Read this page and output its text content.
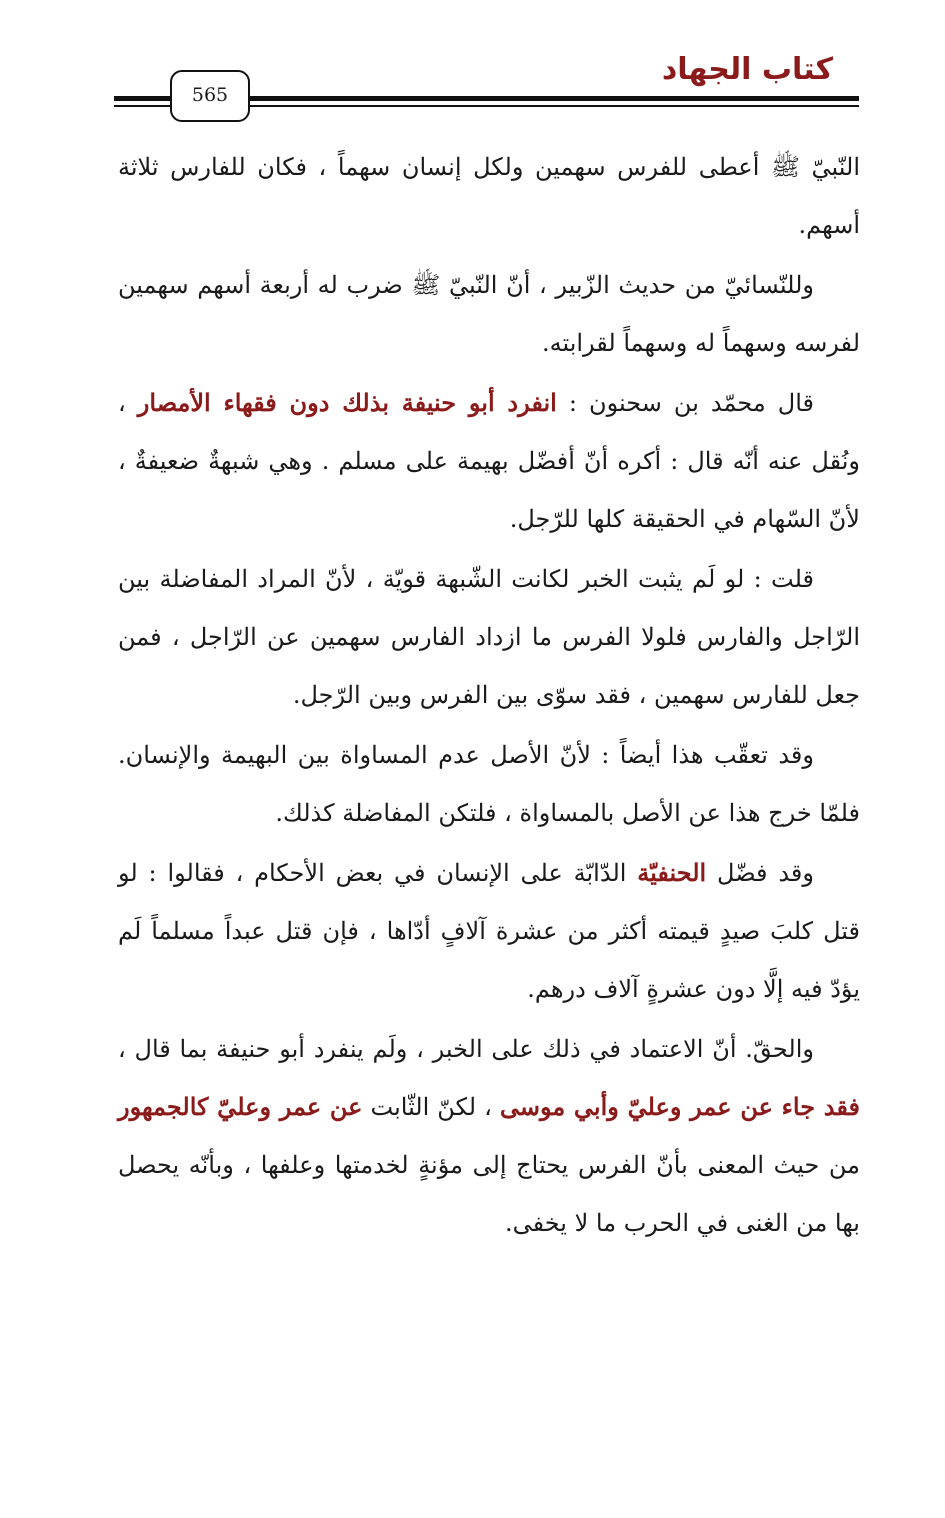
كتاب الجهاد
565

النّبيّ ﷺ أعطى للفرس سهمين ولكل إنسان سهماً ، فكان للفارس ثلاثة أسهم.

وللنّسائيّ من حديث الزّبير ، أنّ النّبيّ ﷺ ضرب له أربعة أسهم سهمين لفرسه وسهماً له وسهماً لقرابته.

قال محمّد بن سحنون : انفرد أبو حنيفة بذلك دون فقهاء الأمصار ، ونُقل عنه أنّه قال : أكره أنّ أفضّل بهيمة على مسلم . وهي شبهةٌ ضعيفةٌ ، لأنّ السّهام في الحقيقة كلها للرّجل.

قلت : لو لَم يثبت الخبر لكانت الشّبهة قويّة ، لأنّ المراد المفاضلة بين الرّاجل والفارس فلولا الفرس ما ازداد الفارس سهمين عن الرّاجل ، فمن جعل للفارس سهمين ، فقد سوّى بين الفرس وبين الرّجل.

وقد تعقّب هذا أيضاً : لأنّ الأصل عدم المساواة بين البهيمة والإنسان. فلمّا خرج هذا عن الأصل بالمساواة ، فلتكن المفاضلة كذلك.

وقد فضّل الحنفيّة الدّابّة على الإنسان في بعض الأحكام ، فقالوا : لو قتل كلبَ صيدٍ قيمته أكثر من عشرة آلافٍ أدّاها ، فإن قتل عبداً مسلماً لَم يؤدّ فيه إلَّا دون عشرةٍ آلاف درهم.

والحقّ. أنّ الاعتماد في ذلك على الخبر ، ولَم ينفرد أبو حنيفة بما قال ، فقد جاء عن عمر وعليّ وأبي موسى ، لكنّ الثّابت عن عمر وعليّ كالجمهور من حيث المعنى بأنّ الفرس يحتاج إلى مؤنةٍ لخدمتها وعلفها ، وبأنّه يحصل بها من الغنى في الحرب ما لا يخفى.
